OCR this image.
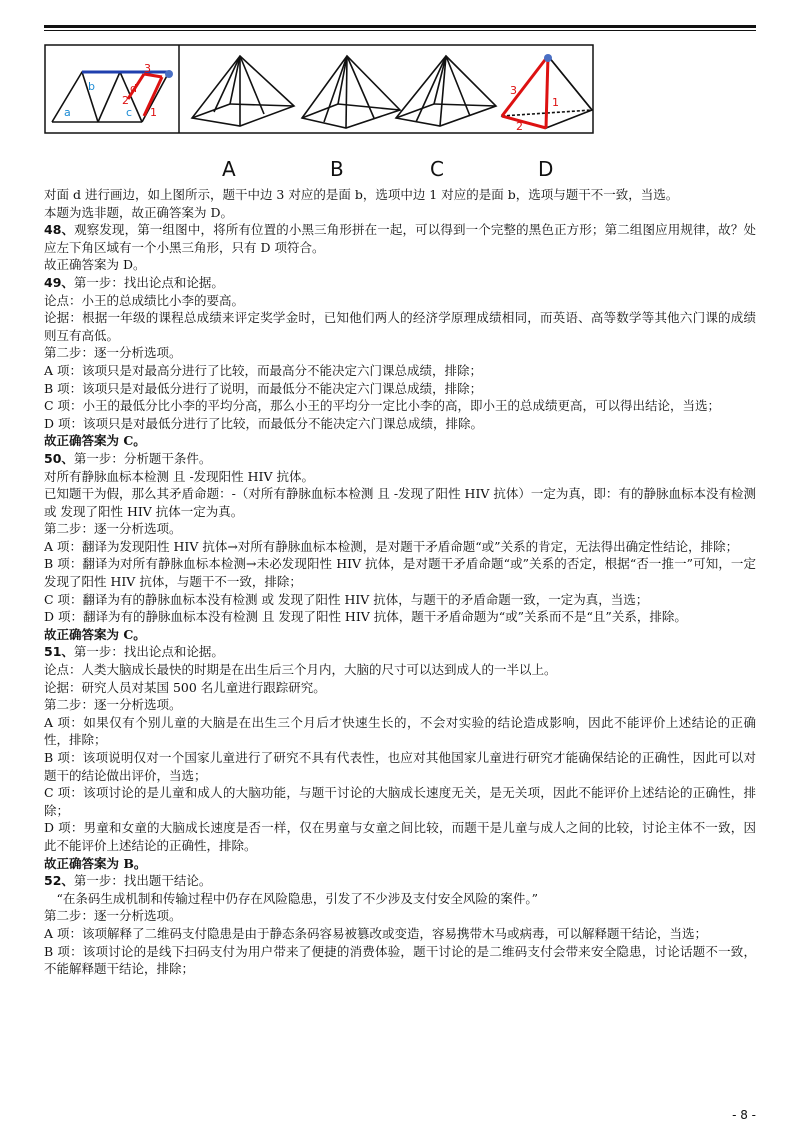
a
b
c
d
1
2
3
3
1
2
A	B	C	D

对面 d 进行画边，如上图所示，题干中边 3 对应的是面 b，选项中边 1 对应的是面 b，选项与题干不一致，当选。

本题为选非题，故正确答案为 D。

48、观察发现，第一组图中，将所有位置的小黑三角形拼在一起，可以得到一个完整的黑色正方形；第二组图应用规律，故？处应左下角区域有一个小黑三角形，只有 D 项符合。

故正确答案为 D。

49、第一步：找出论点和论据。

论点：小王的总成绩比小李的要高。

论据：根据一年级的课程总成绩来评定奖学金时，已知他们两人的经济学原理成绩相同，而英语、高等数学等其他六门课的成绩则互有高低。

第二步：逐一分析选项。

A 项：该项只是对最高分进行了比较，而最高分不能决定六门课总成绩，排除；

B 项：该项只是对最低分进行了说明，而最低分不能决定六门课总成绩，排除；

C 项：小王的最低分比小李的平均分高，那么小王的平均分一定比小李的高，即小王的总成绩更高，可以得出结论，当选；

D 项：该项只是对最低分进行了比较，而最低分不能决定六门课总成绩，排除。

故正确答案为 C。

50、第一步：分析题干条件。

对所有静脉血标本检测 且 -发现阳性 HIV 抗体。

已知题干为假，那么其矛盾命题：-（对所有静脉血标本检测 且 -发现了阳性 HIV 抗体）一定为真，即：有的静脉血标本没有检测 或 发现了阳性 HIV 抗体一定为真。

第二步：逐一分析选项。

A 项：翻译为发现阳性 HIV 抗体→对所有静脉血标本检测，是对题干矛盾命题“或”关系的肯定，无法得出确定性结论，排除；

B 项：翻译为对所有静脉血标本检测→未必发现阳性 HIV 抗体，是对题干矛盾命题“或”关系的否定，根据“否一推一”可知，一定发现了阳性 HIV 抗体，与题干不一致，排除；

C 项：翻译为有的静脉血标本没有检测 或 发现了阳性 HIV 抗体，与题干的矛盾命题一致，一定为真，当选；

D 项：翻译为有的静脉血标本没有检测 且 发现了阳性 HIV 抗体，题干矛盾命题为“或”关系而不是“且”关系，排除。

故正确答案为 C。

51、第一步：找出论点和论据。

论点：人类大脑成长最快的时期是在出生后三个月内，大脑的尺寸可以达到成人的一半以上。

论据：研究人员对某国 500 名儿童进行跟踪研究。

第二步：逐一分析选项。

A 项：如果仅有个别儿童的大脑是在出生三个月后才快速生长的，不会对实验的结论造成影响，因此不能评价上述结论的正确性，排除；

B 项：该项说明仅对一个国家儿童进行了研究不具有代表性，也应对其他国家儿童进行研究才能确保结论的正确性，因此可以对题干的结论做出评价，当选；

C 项：该项讨论的是儿童和成人的大脑功能，与题干讨论的大脑成长速度无关，是无关项，因此不能评价上述结论的正确性，排除；

D 项：男童和女童的大脑成长速度是否一样，仅在男童与女童之间比较，而题干是儿童与成人之间的比较，讨论主体不一致，因此不能评价上述结论的正确性，排除。

故正确答案为 B。

52、第一步：找出题干结论。

“在条码生成机制和传输过程中仍存在风险隐患，引发了不少涉及支付安全风险的案件。”

第二步：逐一分析选项。

A 项：该项解释了二维码支付隐患是由于静态条码容易被篡改或变造，容易携带木马或病毒，可以解释题干结论，当选；

B 项：该项讨论的是线下扫码支付为用户带来了便捷的消费体验，题干讨论的是二维码支付会带来安全隐患，讨论话题不一致，不能解释题干结论，排除；

- 8 -
